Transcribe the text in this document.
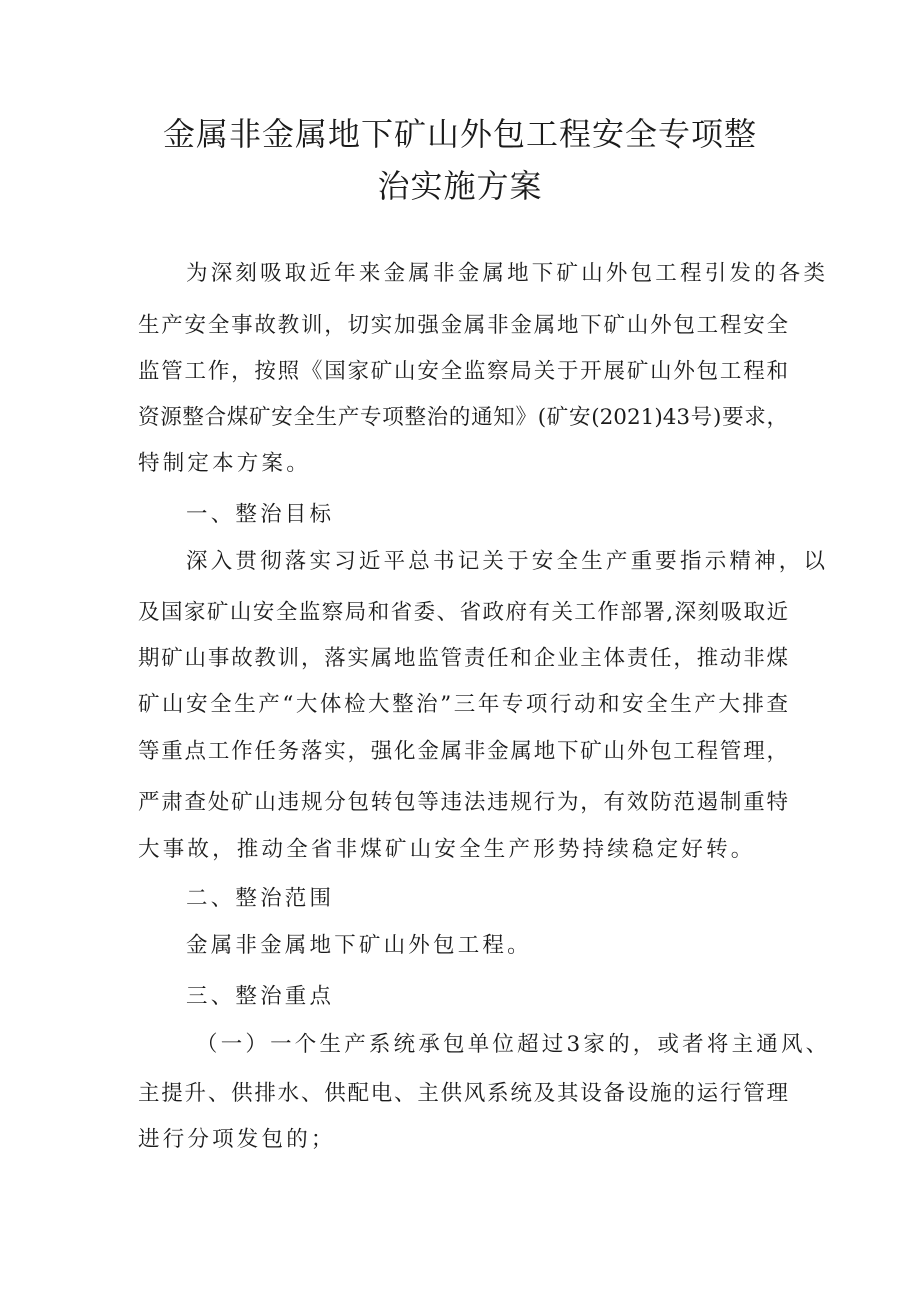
金属非金属地下矿山外包工程安全专项整
治实施方案
为深刻吸取近年来金属非金属地下矿山外包工程引发的各类
生产安全事故教训，切实加强金属非金属地下矿山外包工程安全
监管工作，按照《国家矿山安全监察局关于开展矿山外包工程和
资源整合煤矿安全生产专项整治的通知》(矿安(2021)43号)要求，
特制定本方案。
一、整治目标
深入贯彻落实习近平总书记关于安全生产重要指示精神，以
及国家矿山安全监察局和省委、省政府有关工作部署,深刻吸取近
期矿山事故教训，落实属地监管责任和企业主体责任，推动非煤
矿山安全生产“大体检大整治”三年专项行动和安全生产大排查
等重点工作任务落实，强化金属非金属地下矿山外包工程管理，
严肃查处矿山违规分包转包等违法违规行为，有效防范遏制重特
大事故，推动全省非煤矿山安全生产形势持续稳定好转。
二、整治范围
金属非金属地下矿山外包工程。
三、整治重点
（一）一个生产系统承包单位超过3家的，或者将主通风、
主提升、供排水、供配电、主供风系统及其设备设施的运行管理
进行分项发包的；
